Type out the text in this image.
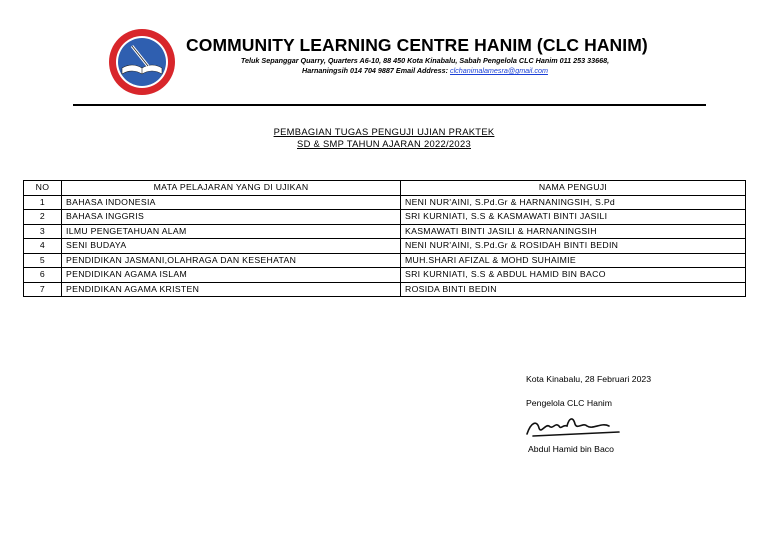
COMMUNITY LEARNING CENTRE HANIM (CLC HANIM)
Teluk Sepanggar Quarry, Quarters A6-10, 88 450 Kota Kinabalu, Sabah Pengelola CLC Hanim 011 253 33668,
Harnaningsih 014 704 9887 Email Address: clchanimalamesra@gmail.com
PEMBAGIAN TUGAS PENGUJI UJIAN PRAKTEK
SD & SMP TAHUN AJARAN 2022/2023
NO	MATA PELAJARAN YANG DI UJIKAN	NAMA PENGUJI
1	BAHASA INDONESIA	NENI NUR'AINI, S.Pd.Gr & HARNANINGSIH, S.Pd
2	BAHASA INGGRIS	SRI KURNIATI, S.S & KASMAWATI BINTI JASILI
3	ILMU PENGETAHUAN ALAM	KASMAWATI BINTI JASILI & HARNANINGSIH
4	SENI BUDAYA	NENI NUR'AINI, S.Pd.Gr & ROSIDAH BINTI BEDIN
5	PENDIDIKAN JASMANI,OLAHRAGA DAN KESEHATAN	MUH.SHARI AFIZAL & MOHD SUHAIMIE
6	PENDIDIKAN AGAMA ISLAM	SRI KURNIATI, S.S & ABDUL HAMID BIN BACO
7	PENDIDIKAN AGAMA KRISTEN	ROSIDA BINTI BEDIN
Kota Kinabalu, 28 Februari 2023
Pengelola CLC Hanim
Abdul Hamid bin Baco
